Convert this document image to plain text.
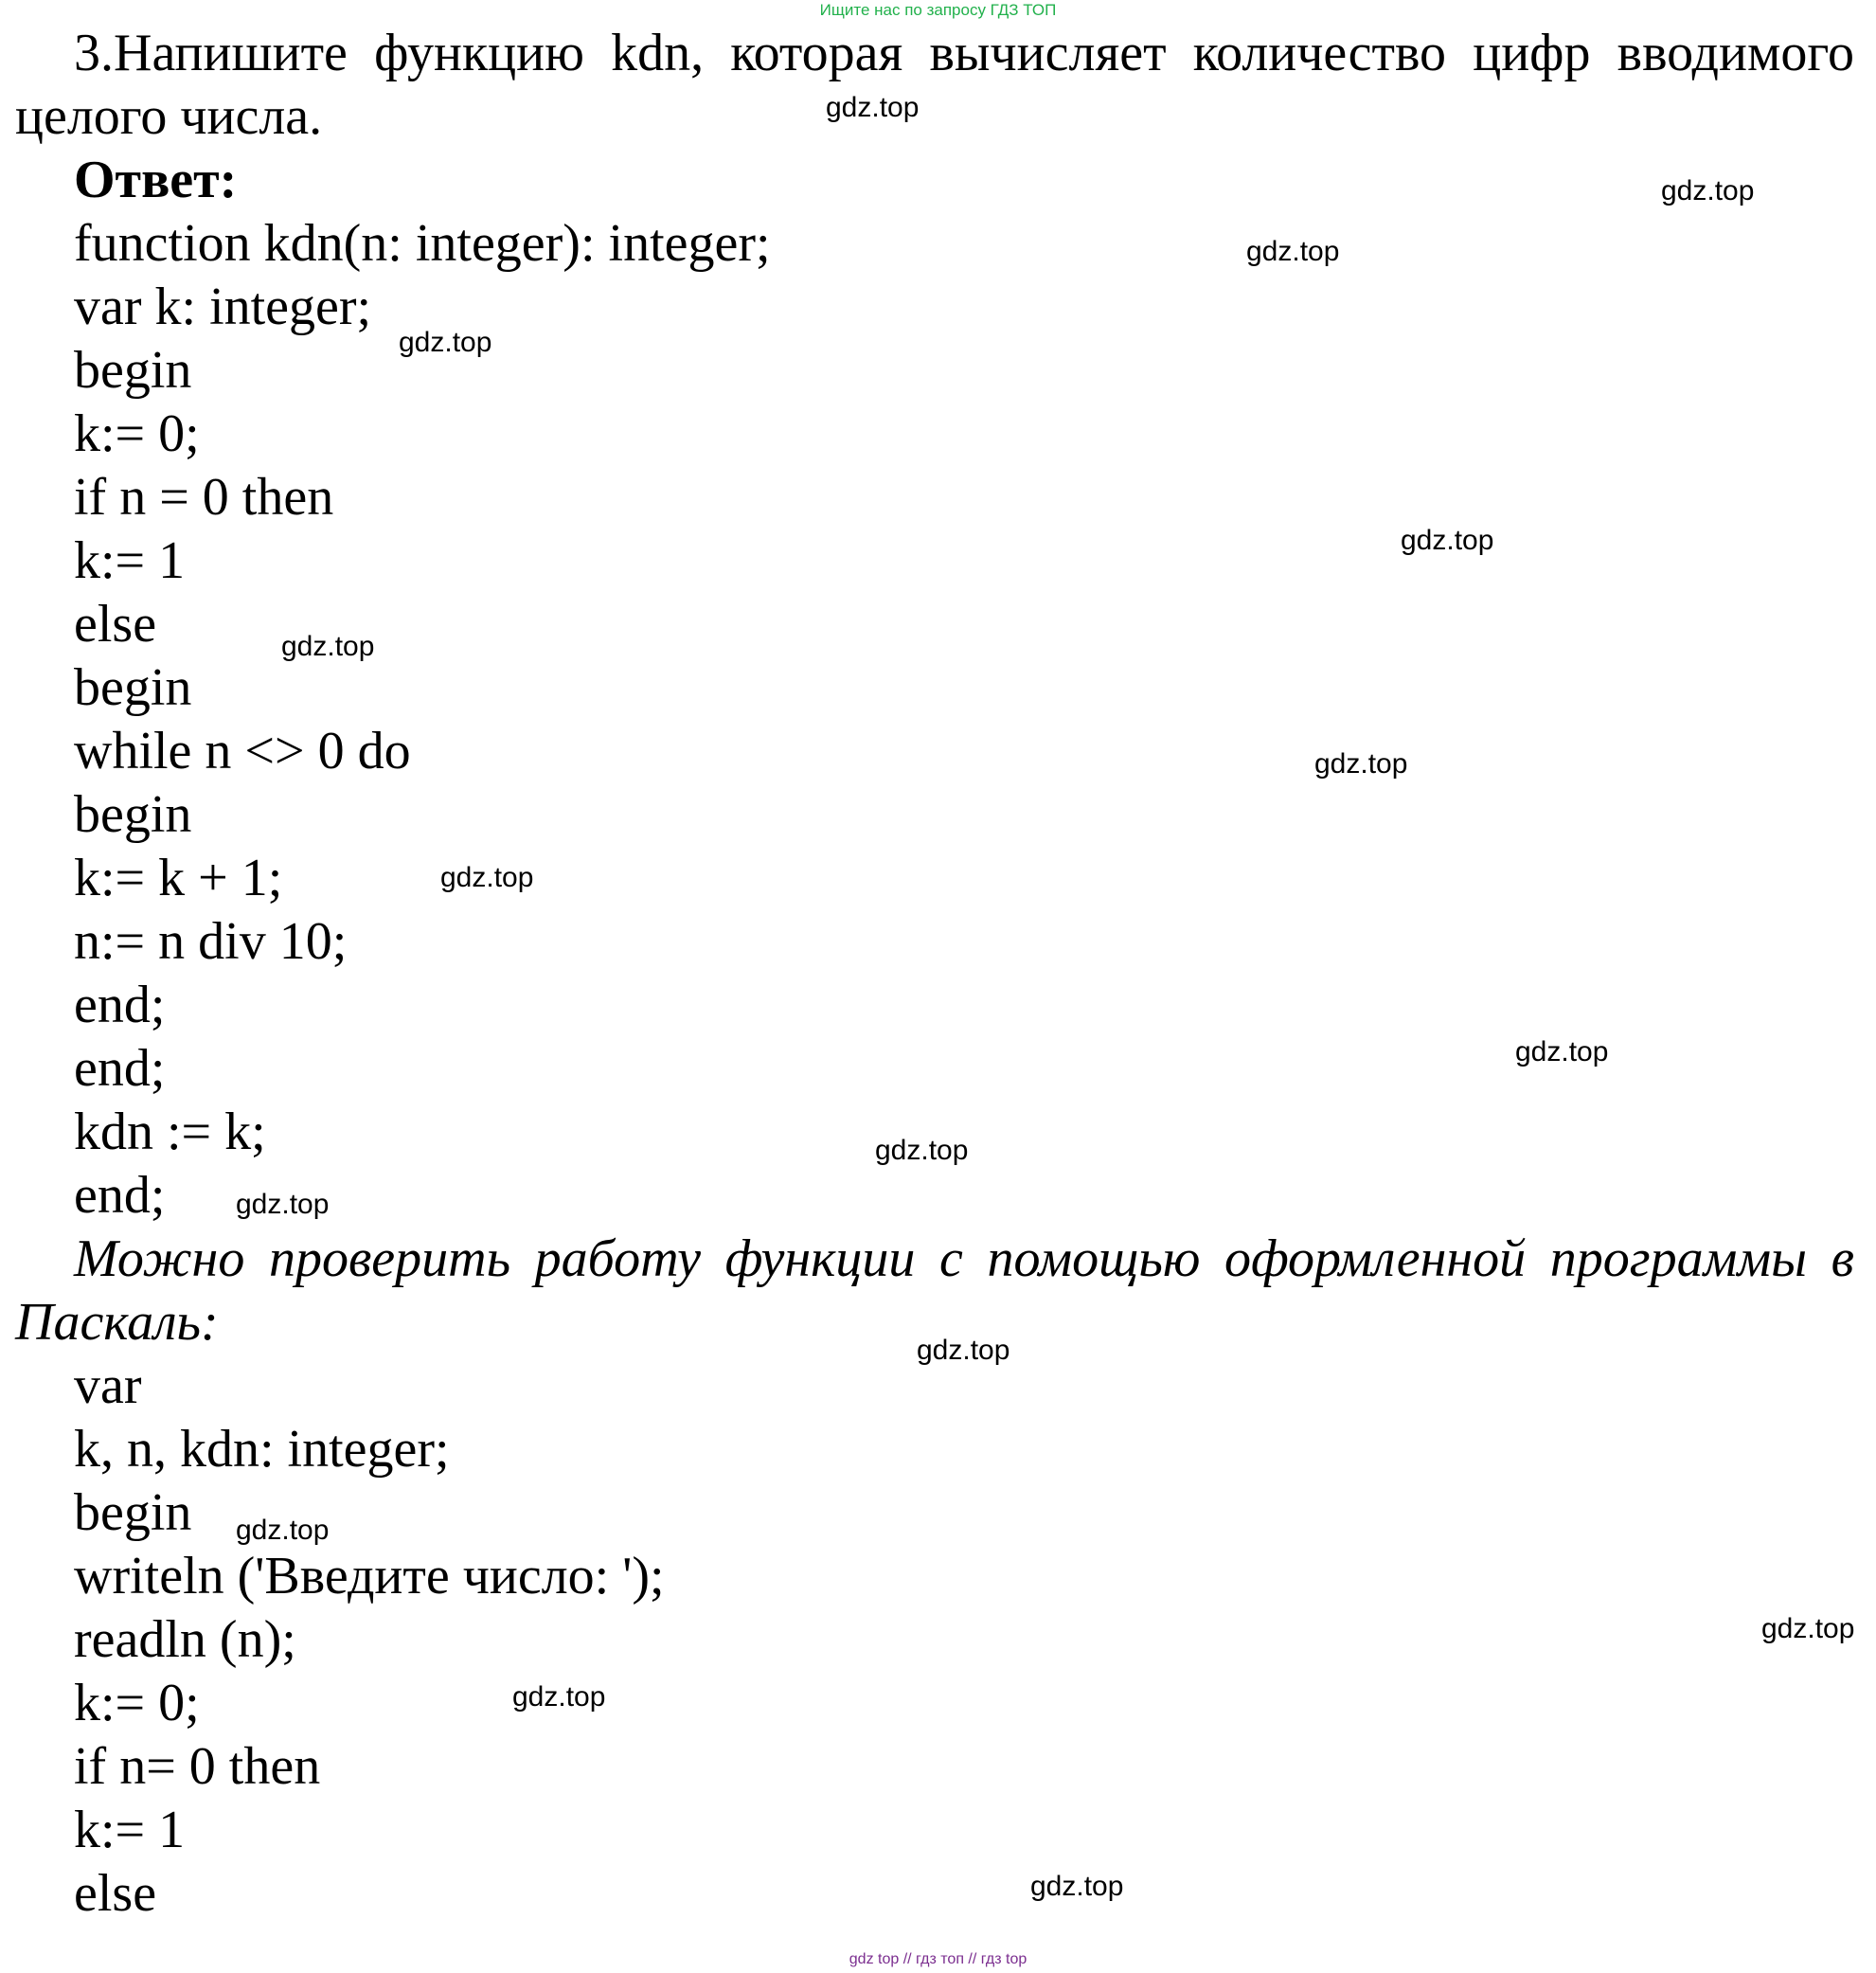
Ищите нас по запросу ГДЗ ТОП
3.Напишите функцию kdn, которая вычисляет количество цифр вводимого
целого числа.
Ответ:
function kdn(n: integer): integer;
var k: integer;
begin
k:= 0;
if n = 0 then
k:= 1
else
begin
while n <> 0 do
begin
k:= k + 1;
n:= n div 10;
end;
end;
kdn := k;
end;
Можно проверить работу функции с помощью оформленной программы в
Паскаль:
var
k, n, kdn: integer;
begin
writeln ('Введите число: ');
readln (n);
k:= 0;
if n= 0 then
k:= 1
else
gdz.top
gdz.top
gdz.top
gdz.top
gdz.top
gdz.top
gdz.top
gdz.top
gdz.top
gdz.top
gdz.top
gdz.top
gdz.top
gdz.top
gdz.top
gdz.top
gdz top // гдз топ // гдз top
